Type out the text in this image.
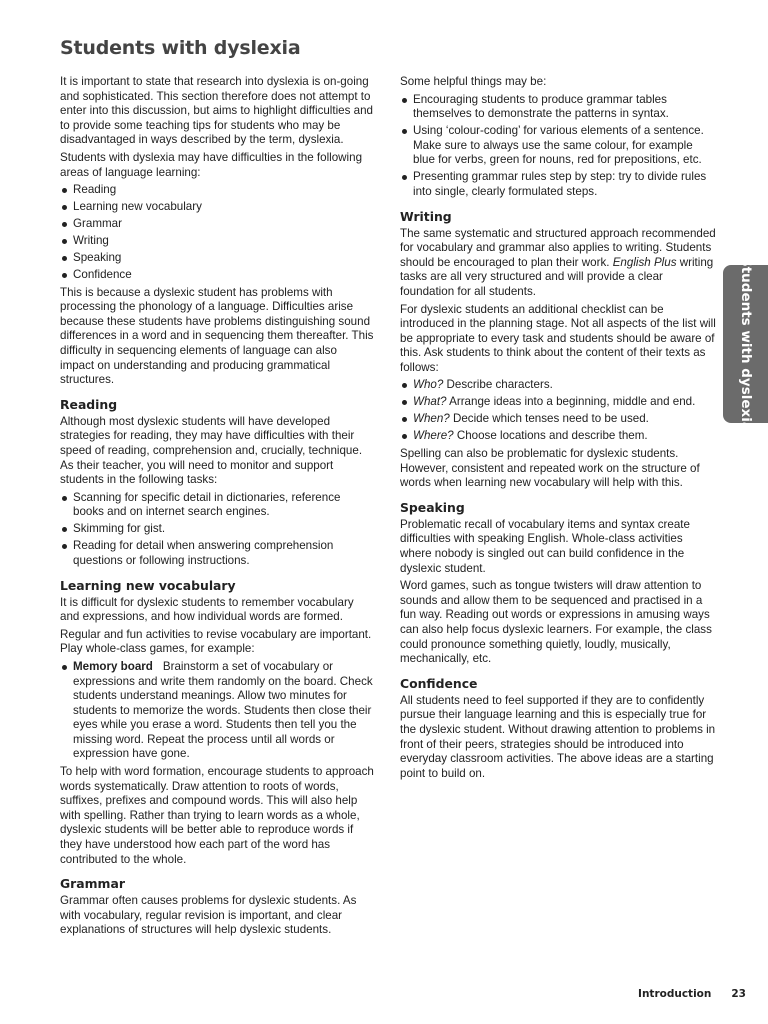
Students with dyslexia

It is important to state that research into dyslexia is on-going and sophisticated. This section therefore does not attempt to enter into this discussion, but aims to highlight difficulties and to provide some teaching tips for students who may be disadvantaged in ways described by the term, dyslexia.

Students with dyslexia may have difficulties in the following areas of language learning:

Reading
Learning new vocabulary
Grammar
Writing
Speaking
Confidence

This is because a dyslexic student has problems with processing the phonology of a language. Difficulties arise because these students have problems distinguishing sound differences in a word and in sequencing them thereafter. This difficulty in sequencing elements of language can also impact on understanding and producing grammatical structures.

Reading

Although most dyslexic students will have developed strategies for reading, they may have difficulties with their speed of reading, comprehension and, crucially, technique. As their teacher, you will need to monitor and support students in the following tasks:

Scanning for specific detail in dictionaries, reference books and on internet search engines.
Skimming for gist.
Reading for detail when answering comprehension questions or following instructions.
Learning new vocabulary

It is difficult for dyslexic students to remember vocabulary and expressions, and how individual words are formed.

Regular and fun activities to revise vocabulary are important. Play whole-class games, for example:

Memory board Brainstorm a set of vocabulary or expressions and write them randomly on the board. Check students understand meanings. Allow two minutes for students to memorize the words. Students then close their eyes while you erase a word. Students then tell you the missing word. Repeat the process until all words or expression have gone.

To help with word formation, encourage students to approach words systematically. Draw attention to roots of words, suffixes, prefixes and compound words. This will also help with spelling. Rather than trying to learn words as a whole, dyslexic students will be better able to reproduce words if they have understood how each part of the word has contributed to the whole.

Grammar

Grammar often causes problems for dyslexic students. As with vocabulary, regular revision is important, and clear explanations of structures will help dyslexic students.

Some helpful things may be:

Encouraging students to produce grammar tables themselves to demonstrate the patterns in syntax.
Using ‘colour-coding’ for various elements of a sentence. Make sure to always use the same colour, for example blue for verbs, green for nouns, red for prepositions, etc.
Presenting grammar rules step by step: try to divide rules into single, clearly formulated steps.
Writing

The same systematic and structured approach recommended for vocabulary and grammar also applies to writing. Students should be encouraged to plan their work. English Plus writing tasks are all very structured and will provide a clear foundation for all students.

For dyslexic students an additional checklist can be introduced in the planning stage. Not all aspects of the list will be appropriate to every task and students should be aware of this. Ask students to think about the content of their texts as follows:

Who? Describe characters.
What? Arrange ideas into a beginning, middle and end.
When? Decide which tenses need to be used.
Where? Choose locations and describe them.

Spelling can also be problematic for dyslexic students. However, consistent and repeated work on the structure of words when learning new vocabulary will help with this.

Speaking

Problematic recall of vocabulary items and syntax create difficulties with speaking English. Whole-class activities where nobody is singled out can build confidence in the dyslexic student.

Word games, such as tongue twisters will draw attention to sounds and allow them to be sequenced and practised in a fun way. Reading out words or expressions in amusing ways can also help focus dyslexic learners. For example, the class could pronounce something quietly, loudly, musically, mechanically, etc.

Confidence

All students need to feel supported if they are to confidently pursue their language learning and this is especially true for the dyslexic student. Without drawing attention to problems in front of their peers, strategies should be introduced into everyday classroom activities. The above ideas are a starting point to build on.

Students with dyslexia
Introduction 23
